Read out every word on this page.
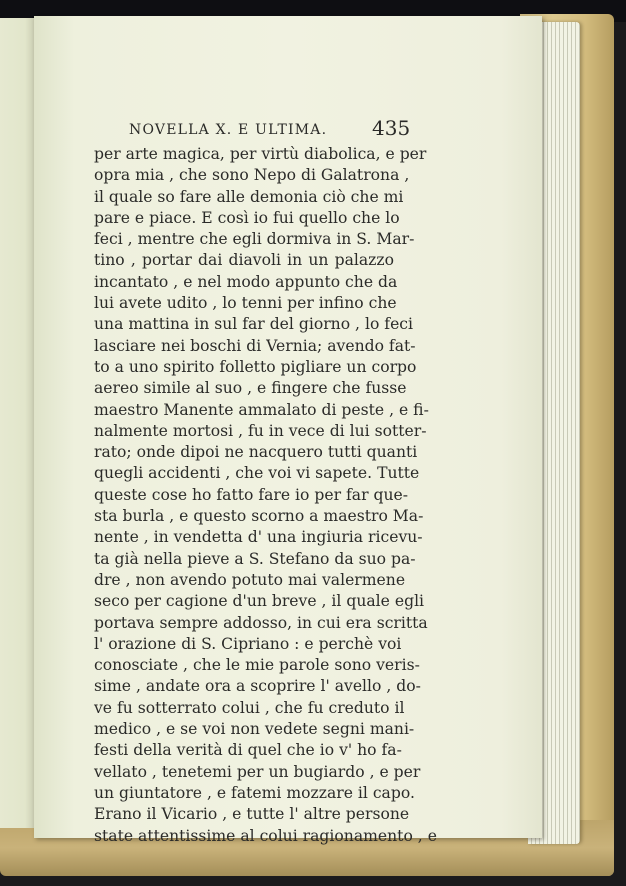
NOVELLA X. E ULTIMA.	435
per arte magica, per virtù diabolica, e per
opra mia , che sono Nepo di Galatrona ,
il quale so fare alle demonia ciò che mi
pare e piace. E così io fui quello che lo
feci , mentre che egli dormiva in S. Mar-
tino , portar dai diavoli in un palazzo
incantato , e nel modo appunto che da
lui avete udito , lo tenni per infino che
una mattina in sul far del giorno , lo feci
lasciare nei boschi di Vernia; avendo fat-
to a uno spirito folletto pigliare un corpo
aereo simile al suo , e fingere che fusse
maestro Manente ammalato di peste , e fi-
nalmente mortosi , fu in vece di lui sotter-
rato; onde dipoi ne nacquero tutti quanti
quegli accidenti , che voi vi sapete. Tutte
queste cose ho fatto fare io per far que-
sta burla , e questo scorno a maestro Ma-
nente , in vendetta d' una ingiuria ricevu-
ta già nella pieve a S. Stefano da suo pa-
dre , non avendo potuto mai valermene
seco per cagione d'un breve , il quale egli
portava sempre addosso, in cui era scritta
l' orazione di S. Cipriano : e perchè voi
conosciate , che le mie parole sono veris-
sime , andate ora a scoprire l' avello , do-
ve fu sotterrato colui , che fu creduto il
medico , e se voi non vedete segni mani-
festi della verità di quel che io v' ho fa-
vellato , tenetemi per un bugiardo , e per
un giuntatore , e fatemi mozzare il capo.
Erano il Vicario , e tutte l' altre persone
state attentissime al colui ragionamento , e
